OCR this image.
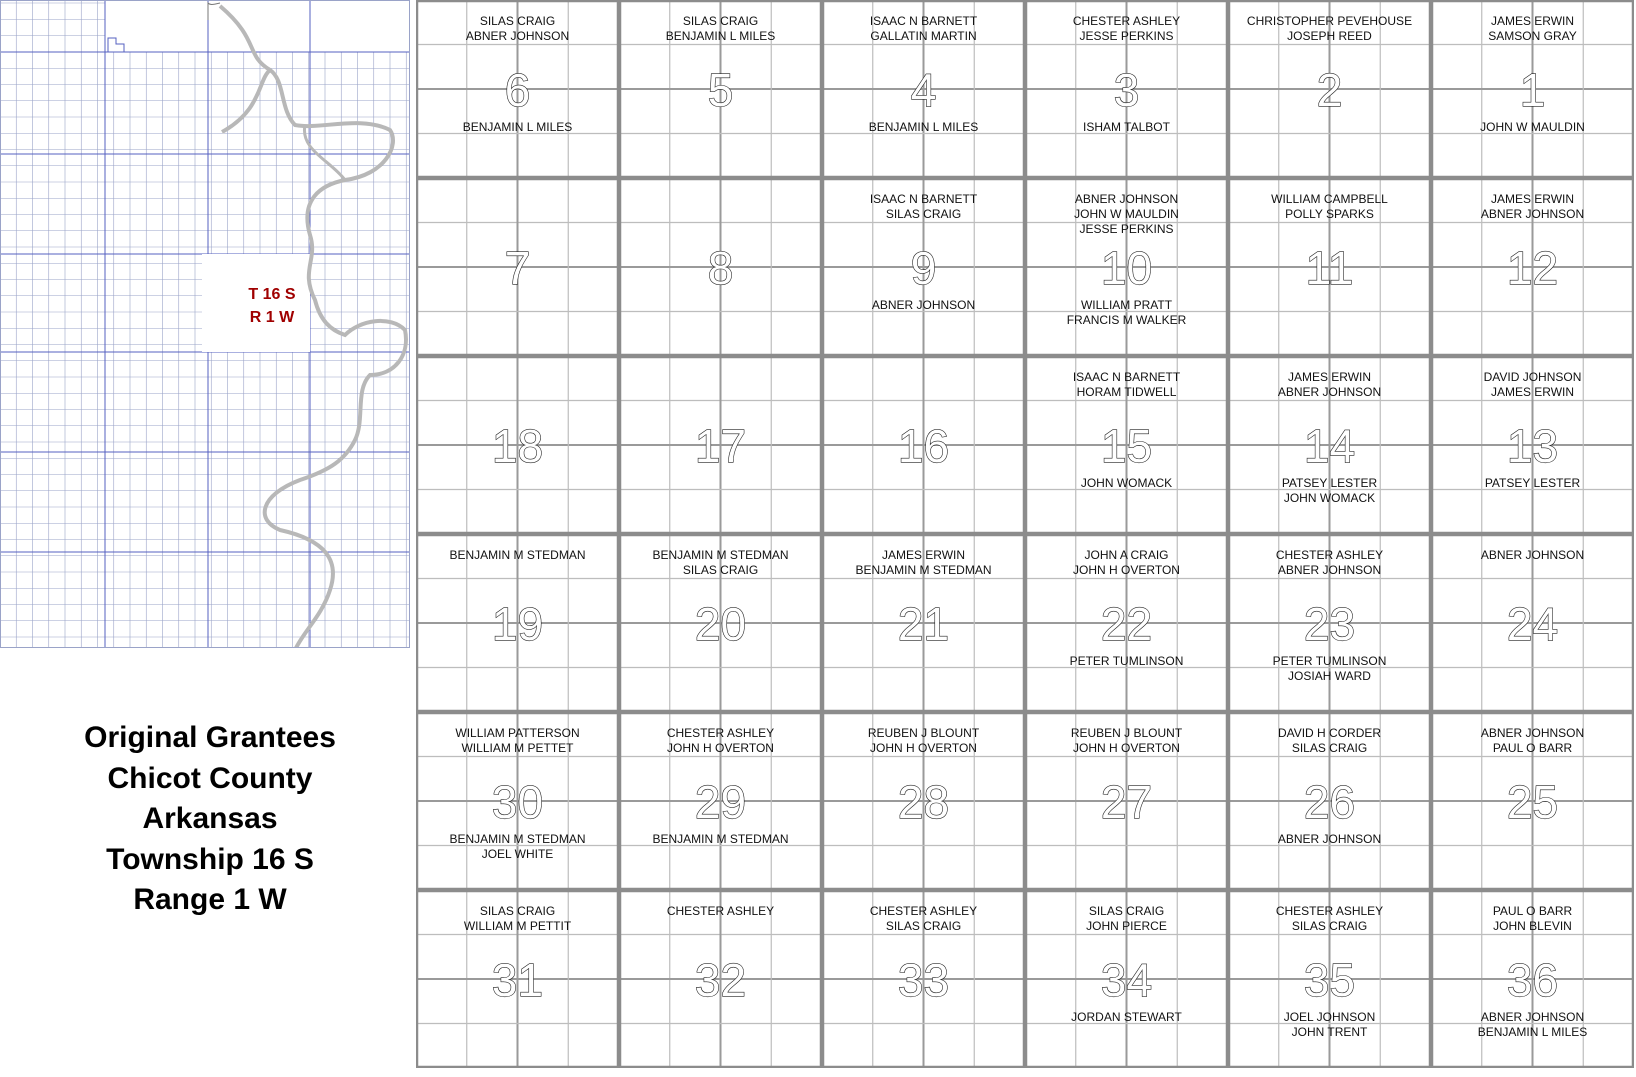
T 16 S
R 1 W
Original Grantees
Chicot County
Arkansas
Township 16 S
Range 1 W
6
SILAS CRAIG
ABNER JOHNSON
BENJAMIN L MILES
5
SILAS CRAIG
BENJAMIN L MILES
4
ISAAC N BARNETT
GALLATIN MARTIN
BENJAMIN L MILES
3
CHESTER ASHLEY
JESSE PERKINS
ISHAM TALBOT
2
CHRISTOPHER PEVEHOUSE
JOSEPH REED
1
JAMES ERWIN
SAMSON GRAY
JOHN W MAULDIN
7	8	9
ISAAC N BARNETT
SILAS CRAIG
ABNER JOHNSON
10
ABNER JOHNSON
JOHN W MAULDIN
JESSE PERKINS
WILLIAM PRATT
FRANCIS M WALKER
11
WILLIAM CAMPBELL
POLLY SPARKS
12
JAMES ERWIN
ABNER JOHNSON
18	17	16	15
ISAAC N BARNETT
HORAM TIDWELL
JOHN WOMACK
14
JAMES ERWIN
ABNER JOHNSON
PATSEY LESTER
JOHN WOMACK
13
DAVID JOHNSON
JAMES ERWIN
PATSEY LESTER
19
BENJAMIN M STEDMAN
20
BENJAMIN M STEDMAN
SILAS CRAIG
21
JAMES ERWIN
BENJAMIN M STEDMAN
22
JOHN A CRAIG
JOHN H OVERTON
PETER TUMLINSON
23
CHESTER ASHLEY
ABNER JOHNSON
PETER TUMLINSON
JOSIAH WARD
24
ABNER JOHNSON
30
WILLIAM PATTERSON
WILLIAM M PETTET
BENJAMIN M STEDMAN
JOEL WHITE
29
CHESTER ASHLEY
JOHN H OVERTON
BENJAMIN M STEDMAN
28
REUBEN J BLOUNT
JOHN H OVERTON
27
REUBEN J BLOUNT
JOHN H OVERTON
26
DAVID H CORDER
SILAS CRAIG
ABNER JOHNSON
25
ABNER JOHNSON
PAUL O BARR
31
SILAS CRAIG
WILLIAM M PETTIT
32
CHESTER ASHLEY
33
CHESTER ASHLEY
SILAS CRAIG
34
SILAS CRAIG
JOHN PIERCE
JORDAN STEWART
35
CHESTER ASHLEY
SILAS CRAIG
JOEL JOHNSON
JOHN TRENT
36
PAUL O BARR
JOHN BLEVIN
ABNER JOHNSON
BENJAMIN L MILES
